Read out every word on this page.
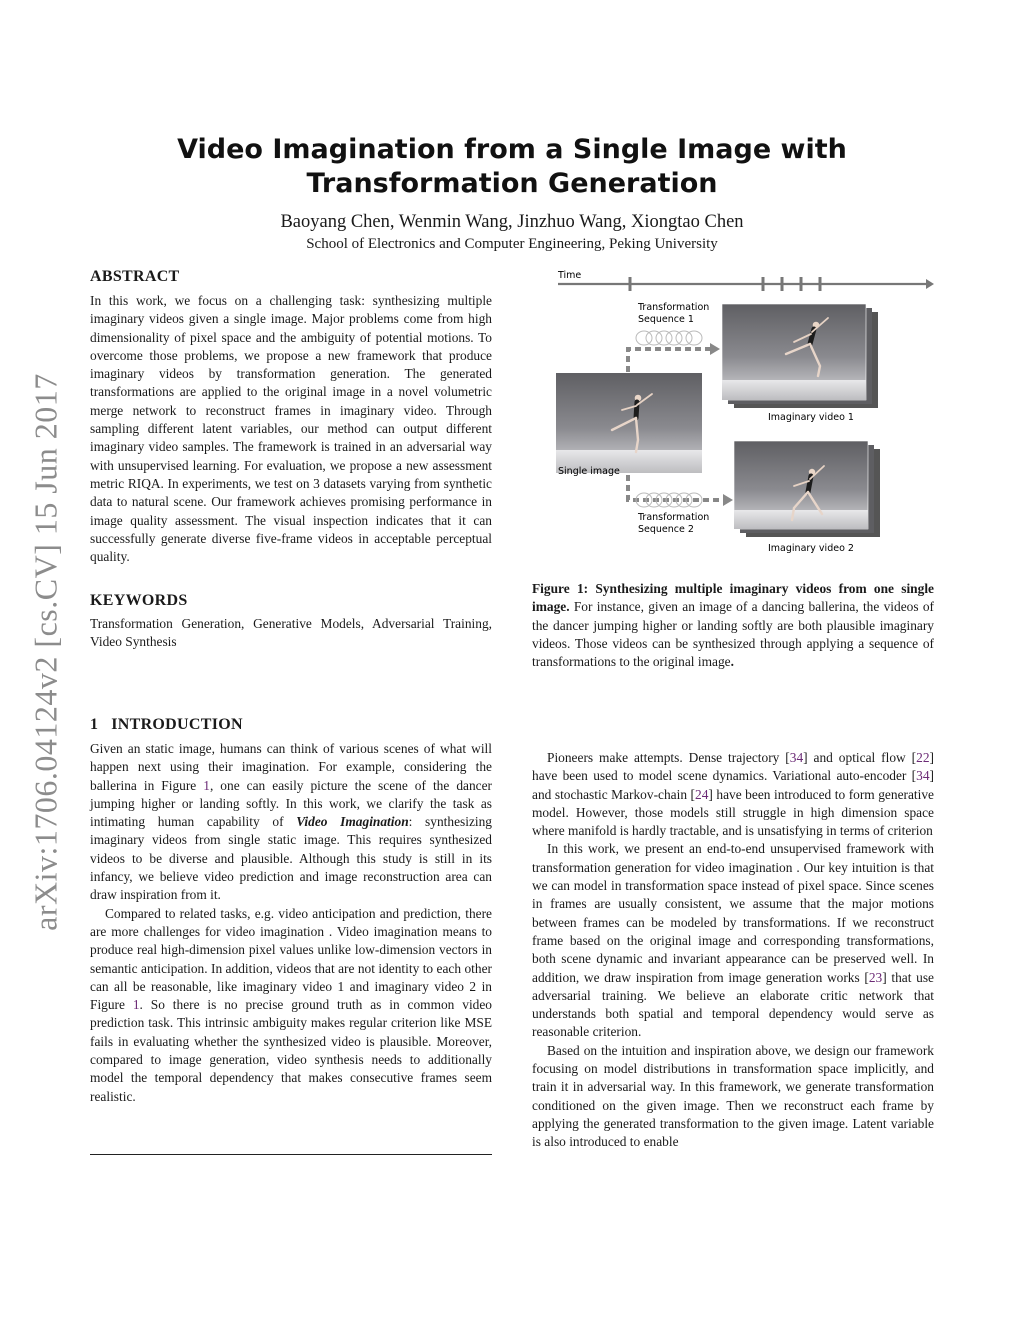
Video Imagination from a Single Image with Transformation Generation
Baoyang Chen, Wenmin Wang, Jinzhuo Wang, Xiongtao Chen
School of Electronics and Computer Engineering, Peking University
arXiv:1706.04124v2 [cs.CV] 15 Jun 2017
ABSTRACT

In this work, we focus on a challenging task: synthesizing multiple imaginary videos given a single image. Major problems come from high dimensionality of pixel space and the ambiguity of potential motions. To overcome those problems, we propose a new framework that produce imaginary videos by transformation generation. The generated transformations are applied to the original image in a novel volumetric merge network to reconstruct frames in imaginary video. Through sampling different latent variables, our method can output different imaginary video samples. The framework is trained in an adversarial way with unsupervised learning. For evaluation, we propose a new assessment metric RIQA. In experiments, we test on 3 datasets varying from synthetic data to natural scene. Our framework achieves promising performance in image quality assessment. The visual inspection indicates that it can successfully generate diverse five-frame videos in acceptable perceptual quality.

KEYWORDS

Transformation Generation, Generative Models, Adversarial Training, Video Synthesis

1 INTRODUCTION

Given an static image, humans can think of various scenes of what will happen next using their imagination. For example, considering the ballerina in Figure 1, one can easily picture the scene of the dancer jumping higher or landing softly. In this work, we clarify the task as intimating human capability of Video Imagination: synthesizing imaginary videos from single static image. This requires synthesized videos to be diverse and plausible. Although this study is still in its infancy, we believe video prediction and image reconstruction area can draw inspiration from it.

Compared to related tasks, e.g. video anticipation and prediction, there are more challenges for video imagination . Video imagination means to produce real high-dimension pixel values unlike low-dimension vectors in semantic anticipation. In addition, videos that are not identity to each other can all be reasonable, like imaginary video 1 and imaginary video 2 in Figure 1. So there is no precise ground truth as in common video prediction task. This intrinsic ambiguity makes regular criterion like MSE fails in evaluating whether the synthesized video is plausible. Moreover, compared to image generation, video synthesis needs to additionally model the temporal dependency that makes consecutive frames seem realistic.

Time
Transformation
Sequence 1
Imaginary video 1
Single image
Transformation
Sequence 2
Imaginary video 2
Figure 1: Synthesizing multiple imaginary videos from one single image. For instance, given an image of a dancing ballerina, the videos of the dancer jumping higher or landing softly are both plausible imaginary videos. Those videos can be synthesized through applying a sequence of transformations to the original image.

Pioneers make attempts. Dense trajectory [34] and optical flow [22] have been used to model scene dynamics. Variational auto-encoder [34] and stochastic Markov-chain [24] have been introduced to form generative model. However, those models still struggle in high dimension space where manifold is hardly tractable, and is unsatisfying in terms of criterion

In this work, we present an end-to-end unsupervised framework with transformation generation for video imagination . Our key intuition is that we can model in transformation space instead of pixel space. Since scenes in frames are usually consistent, we assume that the major motions between frames can be modeled by transformations. If we reconstruct frame based on the original image and corresponding transformations, both scene dynamic and invariant appearance can be preserved well. In addition, we draw inspiration from image generation works [23] that use adversarial training. We believe an elaborate critic network that understands both spatial and temporal dependency would serve as reasonable criterion.

Based on the intuition and inspiration above, we design our framework focusing on model distributions in transformation space implicitly, and train it in adversarial way. In this framework, we generate transformation conditioned on the given image. Then we reconstruct each frame by applying the generated transformation to the given image. Latent variable is also introduced to enable
